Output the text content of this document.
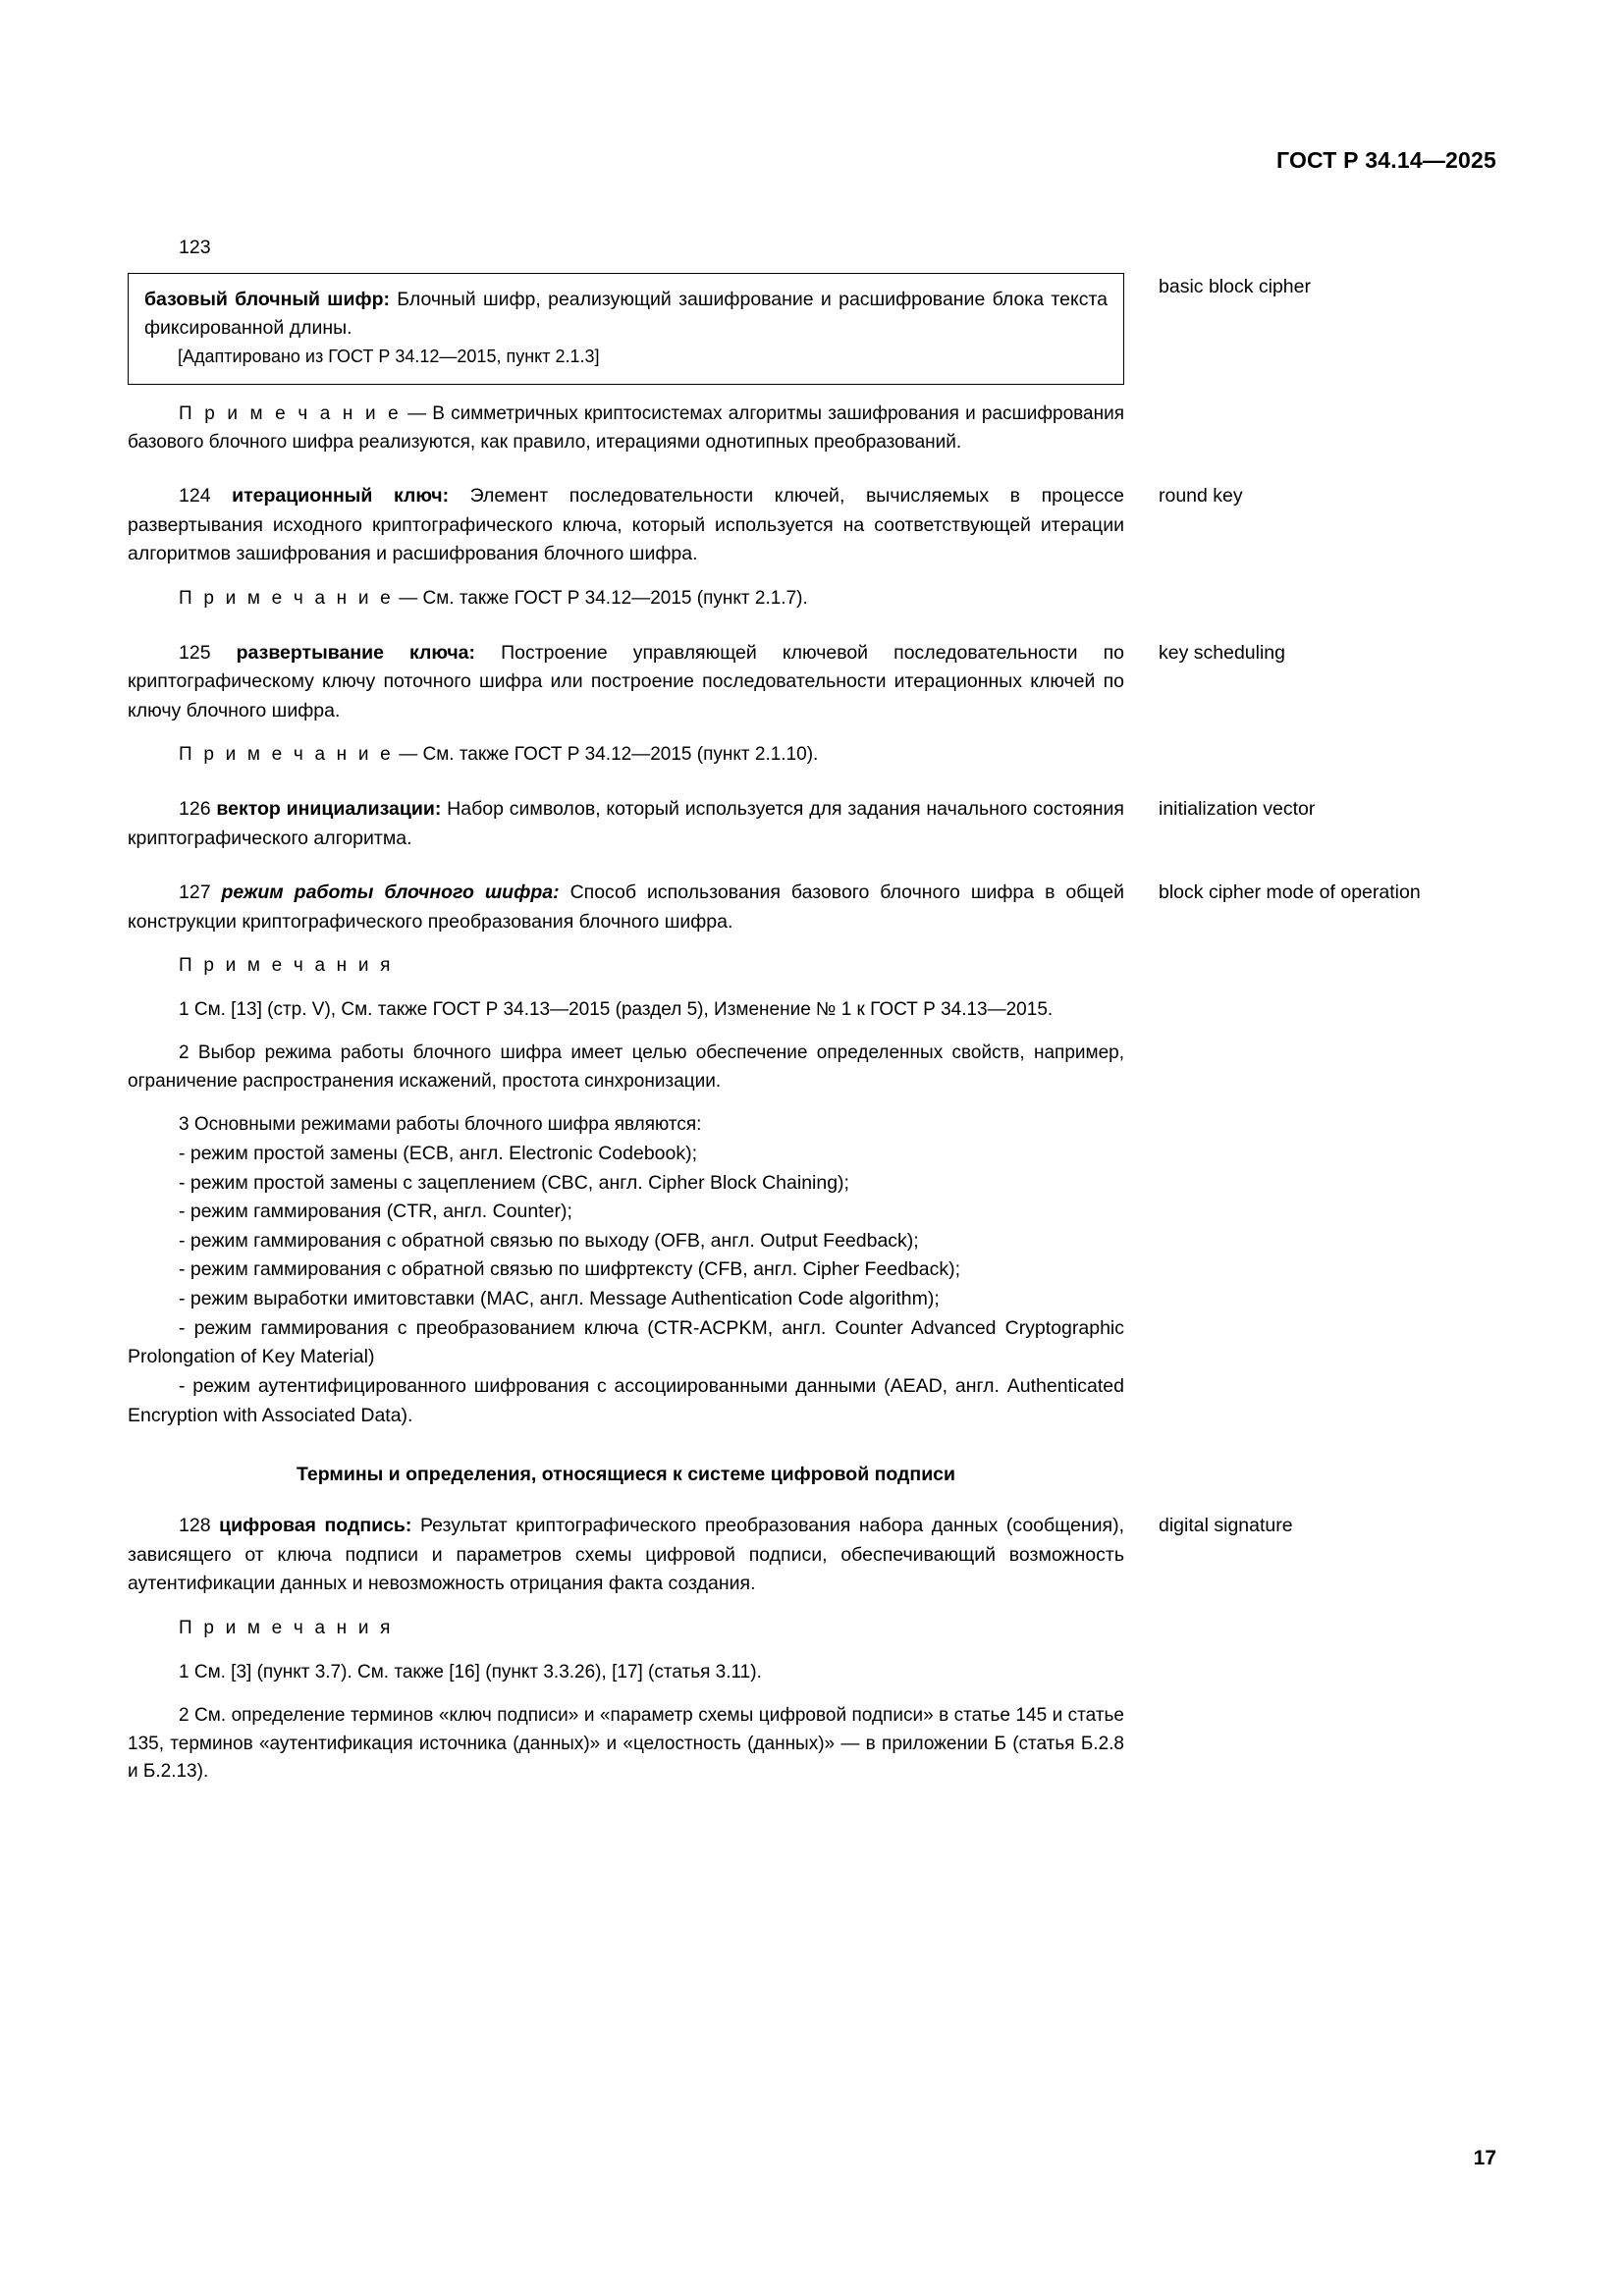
ГОСТ Р 34.14—2025
123
базовый блочный шифр: Блочный шифр, реализующий зашифрование и расшифрование блока текста фиксированной длины.
[Адаптировано из ГОСТ Р 34.12—2015, пункт 2.1.3]
basic block cipher
П р и м е ч а н и е — В симметричных криптосистемах алгоритмы зашифрования и расшифрования базового блочного шифра реализуются, как правило, итерациями однотипных преобразований.
124 итерационный ключ: Элемент последовательности ключей, вычисляемых в процессе развертывания исходного криптографического ключа, который используется на соответствующей итерации алгоритмов зашифрования и расшифрования блочного шифра.
round key
П р и м е ч а н и е — См. также ГОСТ Р 34.12—2015 (пункт 2.1.7).
125 развертывание ключа: Построение управляющей ключевой последовательности по криптографическому ключу поточного шифра или построение последовательности итерационных ключей по ключу блочного шифра.
key scheduling
П р и м е ч а н и е — См. также ГОСТ Р 34.12—2015 (пункт 2.1.10).
126 вектор инициализации: Набор символов, который используется для задания начального состояния криптографического алгоритма.
initialization vector
127 режим работы блочного шифра: Способ использования базового блочного шифра в общей конструкции криптографического преобразования блочного шифра.
block cipher mode of operation
П р и м е ч а н и я
1 См. [13] (стр. V), См. также ГОСТ Р 34.13—2015 (раздел 5), Изменение № 1 к ГОСТ Р 34.13—2015.
2 Выбор режима работы блочного шифра имеет целью обеспечение определенных свойств, например, ограничение распространения искажений, простота синхронизации.
3 Основными режимами работы блочного шифра являются:
- режим простой замены (ECB, англ. Electronic Codebook);
- режим простой замены с зацеплением (CBC, англ. Cipher Block Chaining);
- режим гаммирования (CTR, англ. Counter);
- режим гаммирования с обратной связью по выходу (OFB, англ. Output Feedback);
- режим гаммирования с обратной связью по шифртексту (CFB, англ. Cipher Feedback);
- режим выработки имитовставки (MAC, англ. Message Authentication Code algorithm);
- режим гаммирования с преобразованием ключа (CTR-ACPKM, англ. Counter Advanced Cryptographic Prolongation of Key Material)
- режим аутентифицированного шифрования с ассоциированными данными (AEAD, англ. Authenticated Encryption with Associated Data).
Термины и определения, относящиеся к системе цифровой подписи
128 цифровая подпись: Результат криптографического преобразования набора данных (сообщения), зависящего от ключа подписи и параметров схемы цифровой подписи, обеспечивающий возможность аутентификации данных и невозможность отрицания факта создания.
digital signature
П р и м е ч а н и я
1 См. [3] (пункт 3.7). См. также [16] (пункт 3.3.26), [17] (статья 3.11).
2 См. определение терминов «ключ подписи» и «параметр схемы цифровой подписи» в статье 145 и статье 135, терминов «аутентификация источника (данных)» и «целостность (данных)» — в приложении Б (статья Б.2.8 и Б.2.13).
17
